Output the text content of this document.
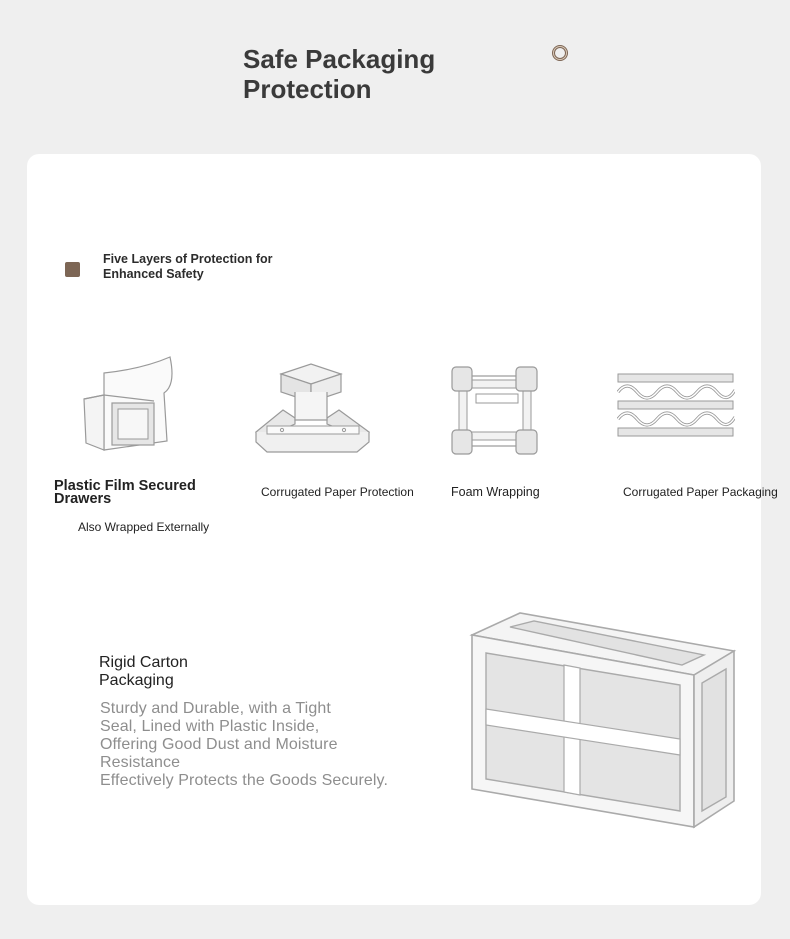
Safe Packaging Protection
Five Layers of Protection for Enhanced Safety
Plastic Film Secured Drawers
Also Wrapped Externally
Corrugated Paper Protection	Foam Wrapping	Corrugated Paper Packaging
Rigid Carton Packaging
Sturdy and Durable, with a Tight Seal, Lined with Plastic Inside, Offering Good Dust and Moisture Resistance
Effectively Protects the Goods Securely.
